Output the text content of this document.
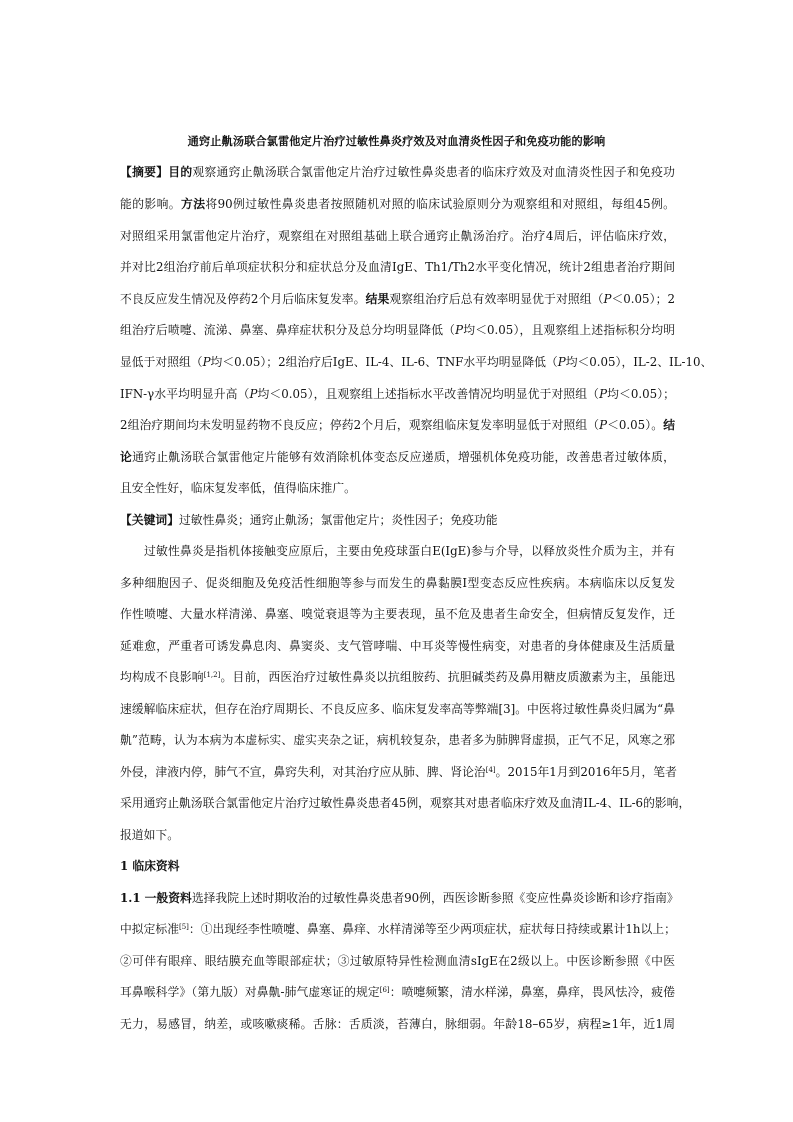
通窍止鼽汤联合氯雷他定片治疗过敏性鼻炎疗效及对血清炎性因子和免疫功能的影响
【摘要】目的观察通窍止鼽汤联合氯雷他定片治疗过敏性鼻炎患者的临床疗效及对血清炎性因子和免疫功
能的影响。方法将90例过敏性鼻炎患者按照随机对照的临床试验原则分为观察组和对照组，每组45例。
对照组采用氯雷他定片治疗，观察组在对照组基础上联合通窍止鼽汤治疗。治疗4周后，评估临床疗效，
并对比2组治疗前后单项症状积分和症状总分及血清IgE、Th1/Th2水平变化情况，统计2组患者治疗期间
不良反应发生情况及停药2个月后临床复发率。结果观察组治疗后总有效率明显优于对照组（P＜0.05）；2
组治疗后喷嚏、流涕、鼻塞、鼻痒症状积分及总分均明显降低（P均＜0.05），且观察组上述指标积分均明
显低于对照组（P均＜0.05）；2组治疗后IgE、IL-4、IL-6、TNF水平均明显降低（P均＜0.05），IL-2、IL-10、
IFN-γ水平均明显升高（P均＜0.05），且观察组上述指标水平改善情况均明显优于对照组（P均＜0.05）；
2组治疗期间均未发明显药物不良反应；停药2个月后，观察组临床复发率明显低于对照组（P＜0.05）。结
论通窍止鼽汤联合氯雷他定片能够有效消除机体变态反应递质，增强机体免疫功能，改善患者过敏体质，
且安全性好，临床复发率低，值得临床推广。
【关键词】过敏性鼻炎；通窍止鼽汤；氯雷他定片；炎性因子；免疫功能
过敏性鼻炎是指机体接触变应原后，主要由免疫球蛋白E(IgE)参与介导，以释放炎性介质为主，并有
多种细胞因子、促炎细胞及免疫活性细胞等参与而发生的鼻黏膜Ⅰ型变态反应性疾病。本病临床以反复发
作性喷嚏、大量水样清涕、鼻塞、嗅觉衰退等为主要表现，虽不危及患者生命安全，但病情反复发作，迁
延难愈，严重者可诱发鼻息肉、鼻窦炎、支气管哮喘、中耳炎等慢性病变，对患者的身体健康及生活质量
均构成不良影响[1,2]。目前，西医治疗过敏性鼻炎以抗组胺药、抗胆碱类药及鼻用糖皮质激素为主，虽能迅
速缓解临床症状，但存在治疗周期长、不良反应多、临床复发率高等弊端[3]。中医将过敏性鼻炎归属为“鼻
鼽”范畴，认为本病为本虚标实、虚实夹杂之证，病机较复杂，患者多为肺脾肾虚损，正气不足，风寒之邪
外侵，津液内停，肺气不宣，鼻窍失利，对其治疗应从肺、脾、肾论治[4]。2015年1月到2016年5月，笔者
采用通窍止鼽汤联合氯雷他定片治疗过敏性鼻炎患者45例，观察其对患者临床疗效及血清IL-4、IL-6的影响，
报道如下。
1 临床资料
1.1 一般资料选择我院上述时期收治的过敏性鼻炎患者90例，西医诊断参照《变应性鼻炎诊断和诊疗指南》
中拟定标准[5]：①出现经李性喷嚏、鼻塞、鼻痒、水样清涕等至少两项症状，症状每日持续或累计1h以上；
②可伴有眼痒、眼结膜充血等眼部症状；③过敏原特异性检测血清sIgE在2级以上。中医诊断参照《中医
耳鼻喉科学》（第九版）对鼻鼽-肺气虚寒证的规定[6]：喷嚏频繁，清水样涕，鼻塞，鼻痒，畏风怯冷，疲倦
无力，易感冒，纳差，或咳嗽痰稀。舌脉：舌质淡，苔薄白，脉细弱。年龄18–65岁，病程≥1年，近1周
